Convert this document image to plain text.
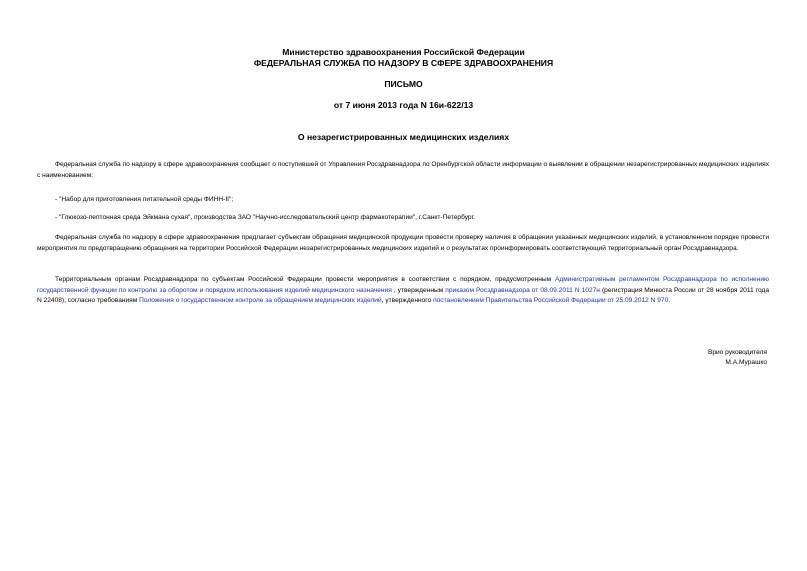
Министерство здравоохранения Российской Федерации
ФЕДЕРАЛЬНАЯ СЛУЖБА ПО НАДЗОРУ В СФЕРЕ ЗДРАВООХРАНЕНИЯ
ПИСЬМО
от 7 июня 2013 года N 16и-622/13
О незарегистрированных медицинских изделиях
Федеральная служба по надзору в сфере здравоохранения сообщает о поступившей от Управления Росздравнадзора по Оренбургской области информации о выявлении в обращении незарегистрированных медицинских изделиях с наименованием:
- "Набор для приготовления питательной среды ФИНН-II";
- "Глюкозо-пептонная среда Эйкмана сухая", производства ЗАО "Научно-исследовательский центр фармакотерапии", г.Санкт-Петербург.
Федеральная служба по надзору в сфере здравоохранения предлагает субъектам обращения медицинской продукции провести проверку наличия в обращении указанных медицинских изделий, в установленном порядке провести мероприятия по предотвращению обращения на территории Российской Федерации незарегистрированных медицинских изделий и о результатах проинформировать соответствующий территориальный орган Росздравнадзора.
Территориальным органам Росздравнадзора по субъектам Российской Федерации провести мероприятия в соответствии с порядком, предусмотренным Административным регламентом Росздравнадзора по исполнению государственной функции по контролю за оборотом и порядком использования изделий медицинского назначения , утвержденным приказом Росздравнадзора от 08.09.2011 N 1027н (регистрация Минюста России от 28 ноября 2011 года N 22408), согласно требованиям Положения о государственном контроле за обращением медицинских изделий, утвержденного постановлением Правительства Российской Федерации от 25.09.2012 N 970.
Врио руководителя
М.А.Мурашко
